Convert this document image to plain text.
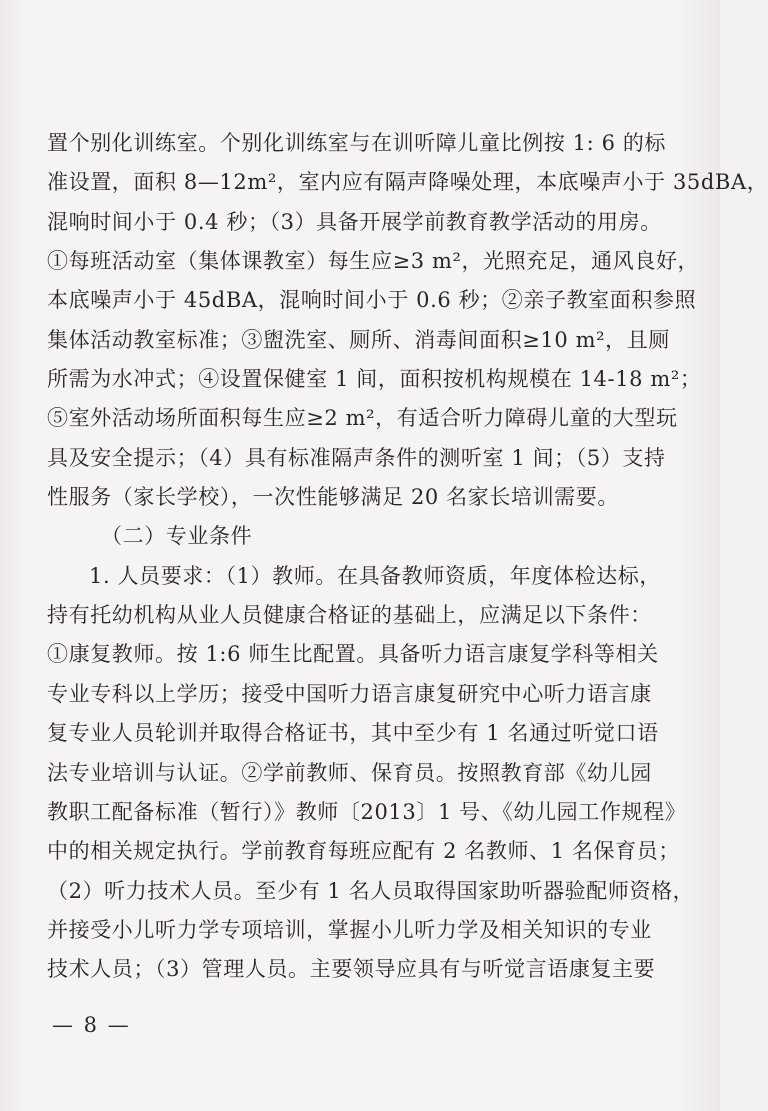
置个别化训练室。个别化训练室与在训听障儿童比例按 1: 6 的标
准设置，面积 8—12m²，室内应有隔声降噪处理，本底噪声小于 35dBA，
混响时间小于 0.4 秒；（3）具备开展学前教育教学活动的用房。
①每班活动室（集体课教室）每生应≥3 m²，光照充足，通风良好，
本底噪声小于 45dBA，混响时间小于 0.6 秒；②亲子教室面积参照
集体活动教室标准；③盥洗室、厕所、消毒间面积≥10 m²，且厕
所需为水冲式；④设置保健室 1 间，面积按机构规模在 14-18 m²；
⑤室外活动场所面积每生应≥2 m²，有适合听力障碍儿童的大型玩
具及安全提示；（4）具有标准隔声条件的测听室 1 间；（5）支持
性服务（家长学校），一次性能够满足 20 名家长培训需要。
（二）专业条件
1. 人员要求：（1）教师。在具备教师资质，年度体检达标，
持有托幼机构从业人员健康合格证的基础上，应满足以下条件：
①康复教师。按 1:6 师生比配置。具备听力语言康复学科等相关
专业专科以上学历；接受中国听力语言康复研究中心听力语言康
复专业人员轮训并取得合格证书，其中至少有 1 名通过听觉口语
法专业培训与认证。②学前教师、保育员。按照教育部《幼儿园
教职工配备标准（暂行）》教师〔2013〕1 号、《幼儿园工作规程》
中的相关规定执行。学前教育每班应配有 2 名教师、1 名保育员；
（2）听力技术人员。至少有 1 名人员取得国家助听器验配师资格，
并接受小儿听力学专项培训，掌握小儿听力学及相关知识的专业
技术人员；（3）管理人员。主要领导应具有与听觉言语康复主要
— 8 —
